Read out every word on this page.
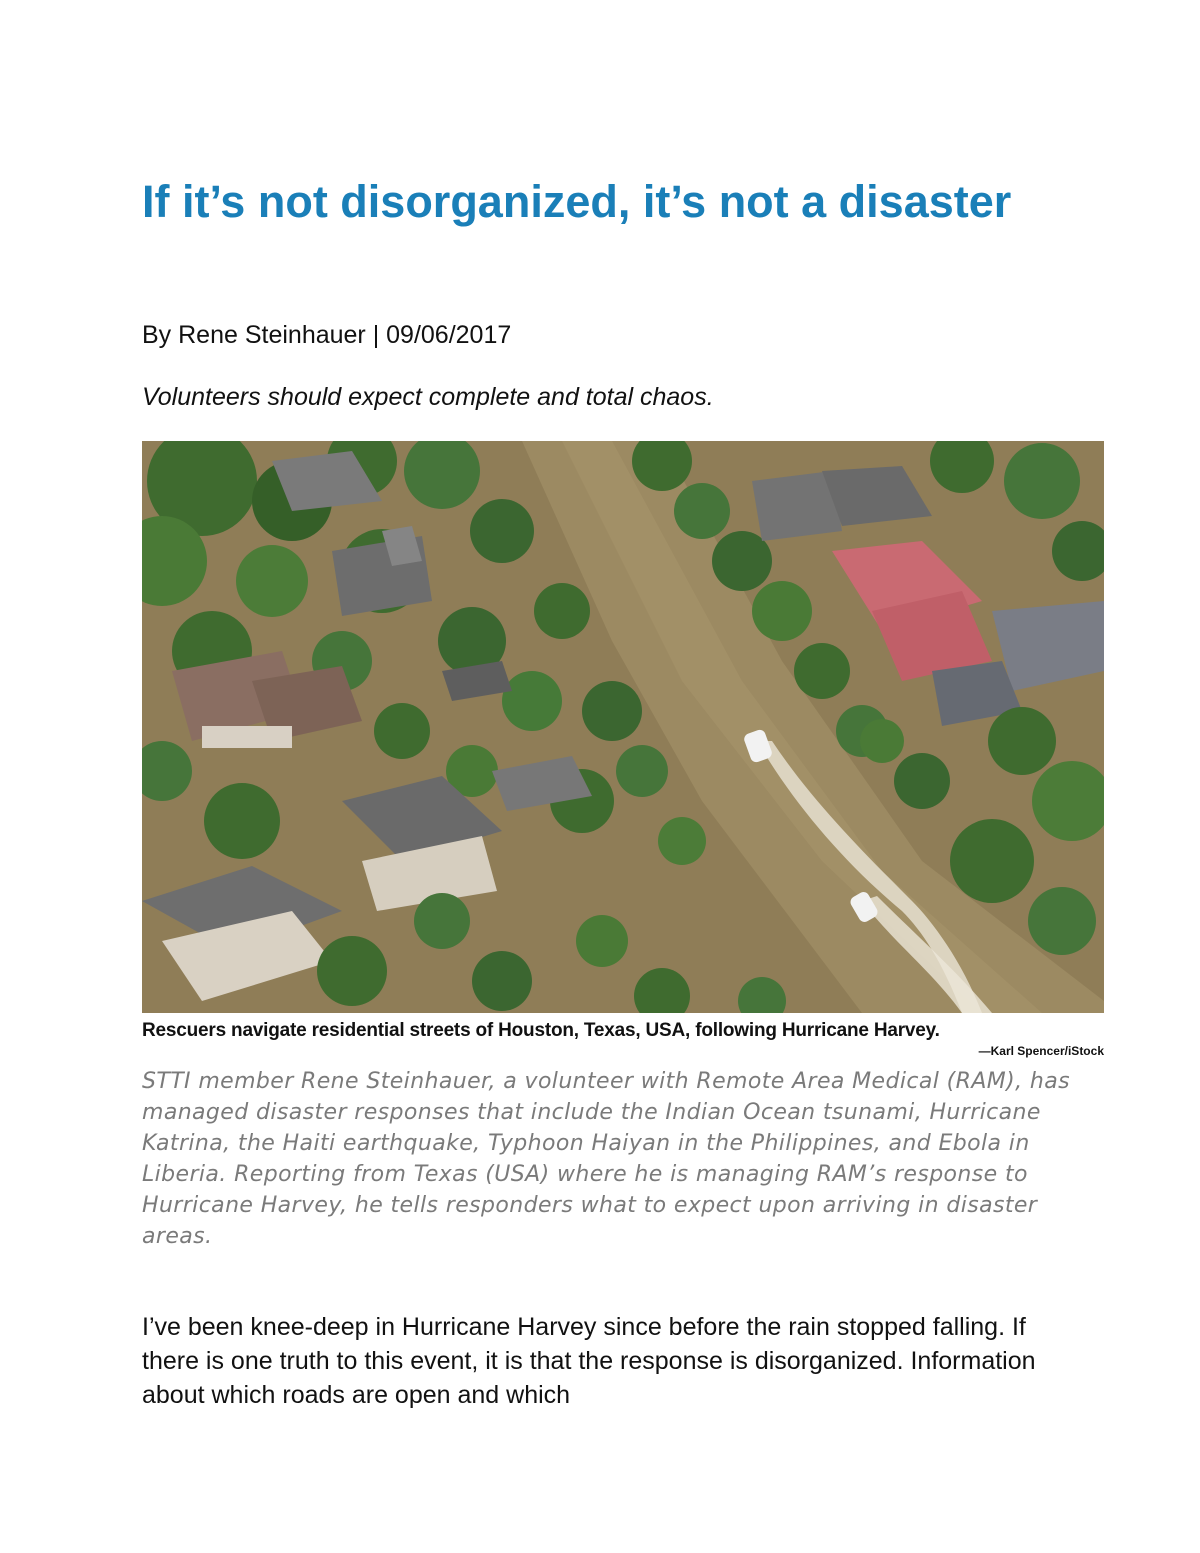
If it’s not disorganized, it’s not a disaster

By Rene Steinhauer | 09/06/2017

Volunteers should expect complete and total chaos.

Rescuers navigate residential streets of Houston, Texas, USA, following Hurricane Harvey.

—Karl Spencer/iStock

STTI member Rene Steinhauer, a volunteer with Remote Area Medical (RAM), has managed disaster responses that include the Indian Ocean tsunami, Hurricane Katrina, the Haiti earthquake, Typhoon Haiyan in the Philippines, and Ebola in Liberia. Reporting from Texas (USA) where he is managing RAM’s response to Hurricane Harvey, he tells responders what to expect upon arriving in disaster areas.

I’ve been knee-deep in Hurricane Harvey since before the rain stopped falling. If there is one truth to this event, it is that the response is disorganized. Information about which roads are open and which
